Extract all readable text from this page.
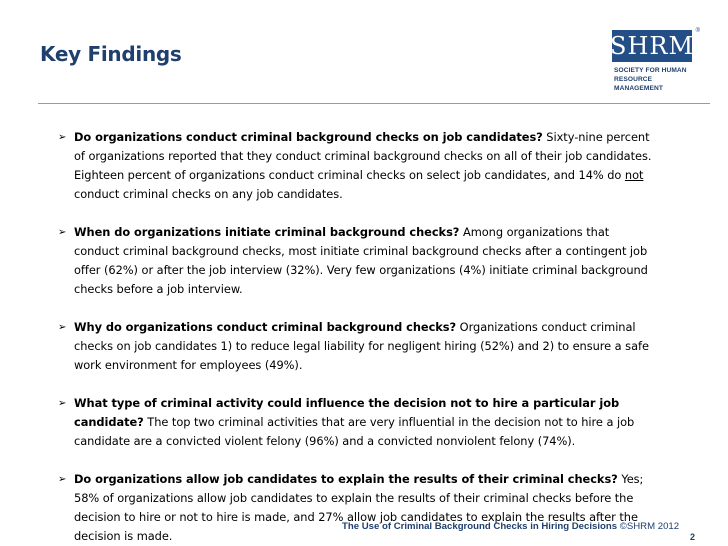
Key Findings	SHRM
®
SOCIETY FOR HUMAN
RESOURCE MANAGEMENT
➢ Do organizations conduct criminal background checks on job candidates? Sixty-nine percent of organizations reported that they conduct criminal background checks on all of their job candidates. Eighteen percent of organizations conduct criminal checks on select job candidates, and 14% do not conduct criminal checks on any job candidates.
➢ When do organizations initiate criminal background checks? Among organizations that conduct criminal background checks, most initiate criminal background checks after a contingent job offer (62%) or after the job interview (32%). Very few organizations (4%) initiate criminal background checks before a job interview.
➢ Why do organizations conduct criminal background checks? Organizations conduct criminal checks on job candidates 1) to reduce legal liability for negligent hiring (52%) and 2) to ensure a safe work environment for employees (49%).
➢ What type of criminal activity could influence the decision not to hire a particular job candidate? The top two criminal activities that are very influential in the decision not to hire a job candidate are a convicted violent felony (96%) and a convicted nonviolent felony (74%).
➢ Do organizations allow job candidates to explain the results of their criminal checks? Yes; 58% of organizations allow job candidates to explain the results of their criminal checks before the decision to hire or not to hire is made, and 27% allow job candidates to explain the results after the decision is made.
The Use of Criminal Background Checks in Hiring Decisions ©SHRM 2012
2
